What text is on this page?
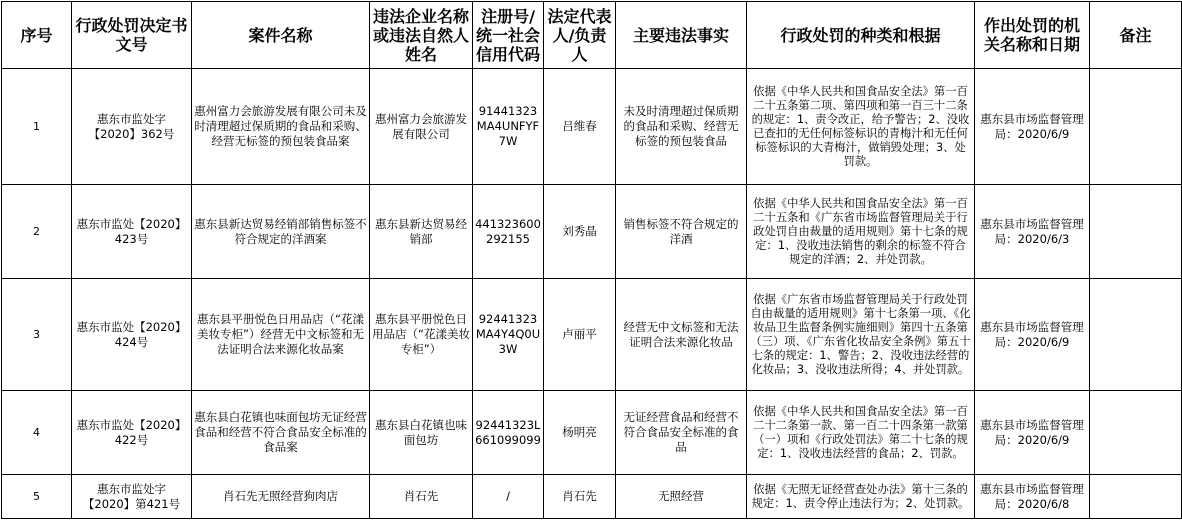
序号	行政处罚决定书文号	案件名称	违法企业名称或违法自然人姓名	注册号/统一社会信用代码	法定代表人/负责人	主要违法事实	行政处罚的种类和根据	作出处罚的机关名称和日期	备注
1	惠东市监处字【2020】362号	惠州富力会旅游发展有限公司未及时清理超过保质期的食品和采购、经营无标签的预包装食品案	惠州富力会旅游发展有限公司	91441323MA4UNFYF7W	吕维春	未及时清理超过保质期的食品和采购、经营无标签的预包装食品	依据《中华人民共和国食品安全法》第一百二十五条第二项、第四项和第一百三十二条的规定：1、责令改正，给予警告；2、没收已查扣的无任何标签标识的青梅汁和无任何标签标识的大青梅汁，做销毁处理；3、处罚款。	惠东县市场监督管理局：2020/6/9	
2	惠东市监处【2020】423号	惠东县新达贸易经销部销售标签不符合规定的洋酒案	惠东县新达贸易经销部	441323600292155	刘秀晶	销售标签不符合规定的洋酒	依据《中华人民共和国食品安全法》第一百二十五条和《广东省市场监督管理局关于行政处罚自由裁量的适用规则》第十七条的规定：1、没收违法销售的剩余的标签不符合规定的洋酒；2、并处罚款。	惠东县市场监督管理局：2020/6/3	
3	惠东市监处【2020】424号	惠东县平册悦色日用品店（“花漾美妆专柜”）经营无中文标签和无法证明合法来源化妆品案	惠东县平册悦色日用品店（“花漾美妆专柜”）	92441323MA4Y4Q0U3W	卢丽平	经营无中文标签和无法证明合法来源化妆品	依据《广东省市场监督管理局关于行政处罚自由裁量的适用规则》第十七条第一项、《化妆品卫生监督条例实施细则》第四十五条第（三）项、《广东省化妆品安全条例》第五十七条的规定：1、警告；2、没收违法经营的化妆品；3、没收违法所得；4、并处罚款。	惠东县市场监督管理局：2020/6/9	
4	惠东市监处【2020】422号	惠东县白花镇也味面包坊无证经营食品和经营不符合食品安全标准的食品案	惠东县白花镇也味面包坊	92441323L661099099	杨明亮	无证经营食品和经营不符合食品安全标准的食品	依据《中华人民共和国食品安全法》第一百二十二条第一款、第一百二十四条第一款第（一）项和《行政处罚法》第二十七条的规定：1、没收违法经营的食品；2、罚款。	惠东县市场监督管理局：2020/6/9	
5	惠东市监处字【2020】第421号	肖石先无照经营狗肉店	肖石先	/	肖石先	无照经营	依据《无照无证经营查处办法》第十三条的规定：1、责令停止违法行为；2、处罚款。	惠东县市场监督管理局：2020/6/8	
